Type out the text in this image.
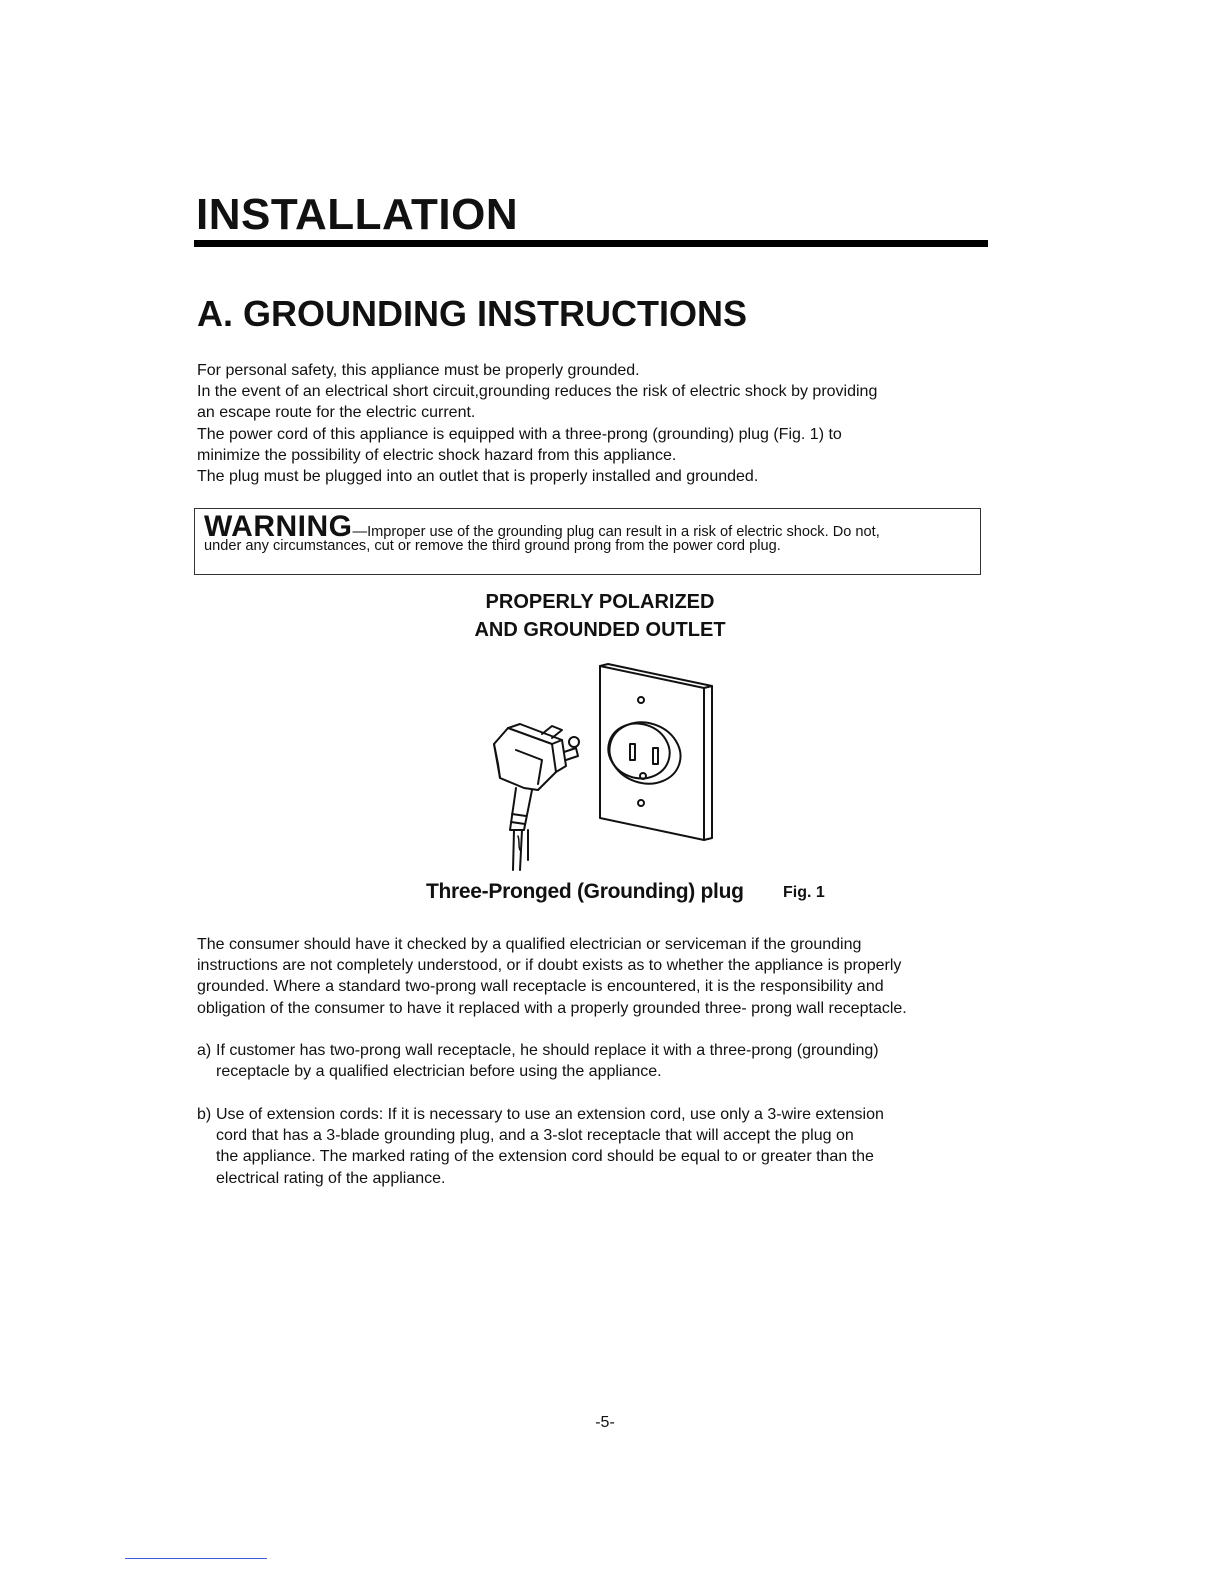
INSTALLATION
A. GROUNDING INSTRUCTIONS

For personal safety, this appliance must be properly grounded.

In the event of an electrical short circuit,grounding reduces the risk of electric shock by providing

an escape route for the electric current.

The power cord of this appliance is equipped with a three-prong (grounding) plug (Fig. 1) to

minimize the possibility of electric shock hazard from this appliance.

The plug must be plugged into an outlet that is properly installed and grounded.

WARNING—Improper use of the grounding plug can result in a risk of electric shock. Do not,
under any circumstances, cut or remove the third ground prong from the power cord plug.
PROPERLY POLARIZED
AND GROUNDED OUTLET
Three-Pronged (Grounding) plug Fig. 1

The consumer should have it checked by a qualified electrician or serviceman if the grounding

instructions are not completely understood, or if doubt exists as to whether the appliance is properly

grounded. Where a standard two-prong wall receptacle is encountered, it is the responsibility and

obligation of the consumer to have it replaced with a properly grounded three- prong wall receptacle.

a) If customer has two-prong wall receptacle, he should replace it with a three-prong (grounding)

receptacle by a qualified electrician before using the appliance.

b) Use of extension cords: If it is necessary to use an extension cord, use only a 3-wire extension

cord that has a 3-blade grounding plug, and a 3-slot receptacle that will accept the plug on

the appliance. The marked rating of the extension cord should be equal to or greater than the

electrical rating of the appliance.

-5-
